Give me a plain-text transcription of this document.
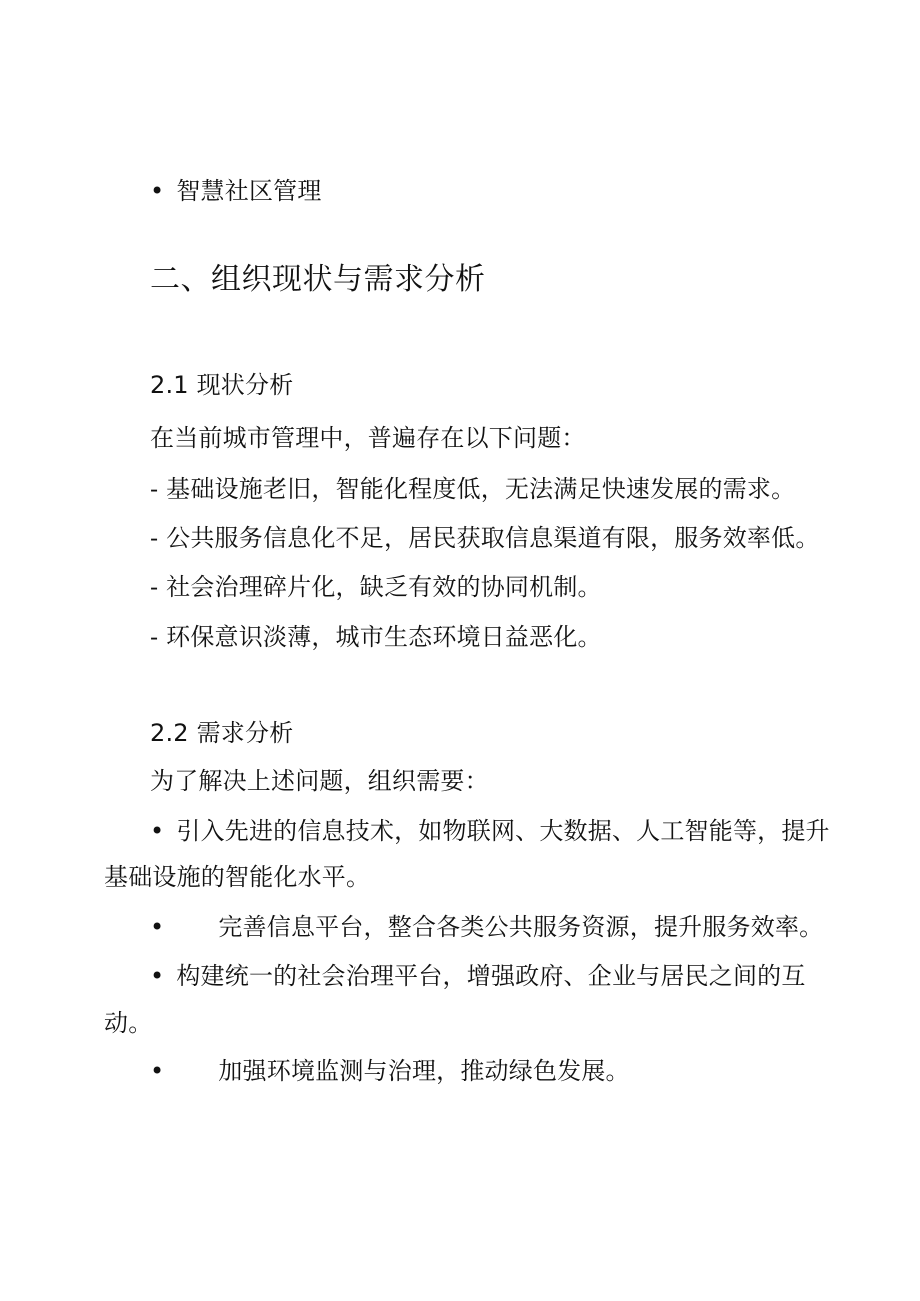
• 智慧社区管理
二、组织现状与需求分析
2.1 现状分析
在当前城市管理中，普遍存在以下问题：
- 基础设施老旧，智能化程度低，无法满足快速发展的需求。
- 公共服务信息化不足，居民获取信息渠道有限，服务效率低。
- 社会治理碎片化，缺乏有效的协同机制。
- 环保意识淡薄，城市生态环境日益恶化。
2.2 需求分析
为了解决上述问题，组织需要：
• 引入先进的信息技术，如物联网、大数据、人工智能等，提升
基础设施的智能化水平。
• 完善信息平台，整合各类公共服务资源，提升服务效率。
• 构建统一的社会治理平台，增强政府、企业与居民之间的互
动。
• 加强环境监测与治理，推动绿色发展。
